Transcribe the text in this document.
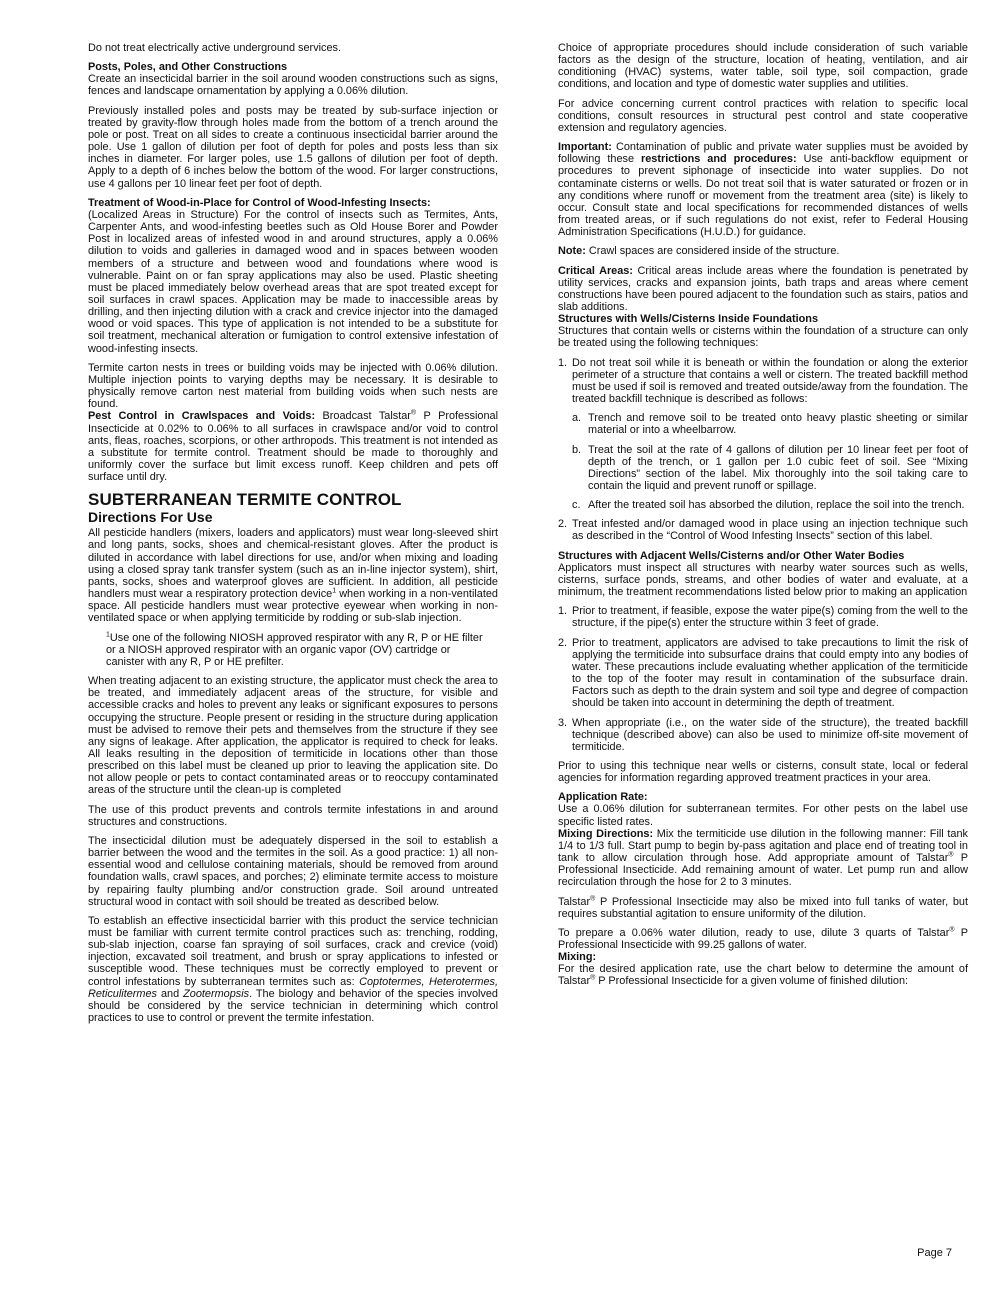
Do not treat electrically active underground services.

Posts, Poles, and Other Constructions

Create an insecticidal barrier in the soil around wooden constructions such as signs, fences and landscape ornamentation by applying a 0.06% dilution.

Previously installed poles and posts may be treated by sub-surface injection or treated by gravity-flow through holes made from the bottom of a trench around the pole or post. Treat on all sides to create a continuous insecticidal barrier around the pole. Use 1 gallon of dilution per foot of depth for poles and posts less than six inches in diameter. For larger poles, use 1.5 gallons of dilution per foot of depth. Apply to a depth of 6 inches below the bottom of the wood. For larger constructions, use 4 gallons per 10 linear feet per foot of depth.

Treatment of Wood-in-Place for Control of Wood-Infesting Insects:

(Localized Areas in Structure) For the control of insects such as Termites, Ants, Carpenter Ants, and wood-infesting beetles such as Old House Borer and Powder Post in localized areas of infested wood in and around structures, apply a 0.06% dilution to voids and galleries in damaged wood and in spaces between wooden members of a structure and between wood and foundations where wood is vulnerable. Paint on or fan spray applications may also be used. Plastic sheeting must be placed immediately below overhead areas that are spot treated except for soil surfaces in crawl spaces. Application may be made to inaccessible areas by drilling, and then injecting dilution with a crack and crevice injector into the damaged wood or void spaces. This type of application is not intended to be a substitute for soil treatment, mechanical alteration or fumigation to control extensive infestation of wood-infesting insects.

Termite carton nests in trees or building voids may be injected with 0.06% dilution. Multiple injection points to varying depths may be necessary. It is desirable to physically remove carton nest material from building voids when such nests are found.

Pest Control in Crawlspaces and Voids: Broadcast Talstar® P Professional Insecticide at 0.02% to 0.06% to all surfaces in crawlspace and/or void to control ants, fleas, roaches, scorpions, or other arthropods. This treatment is not intended as a substitute for termite control. Treatment should be made to thoroughly and uniformly cover the surface but limit excess runoff. Keep children and pets off surface until dry.

SUBTERRANEAN TERMITE CONTROL
Directions For Use

All pesticide handlers (mixers, loaders and applicators) must wear long-sleeved shirt and long pants, socks, shoes and chemical-resistant gloves. After the product is diluted in accordance with label directions for use, and/or when mixing and loading using a closed spray tank transfer system (such as an in-line injector system), shirt, pants, socks, shoes and waterproof gloves are sufficient. In addition, all pesticide handlers must wear a respiratory protection device$^1$ when working in a non-ventilated space. All pesticide handlers must wear protective eyewear when working in non-ventilated space or when applying termiticide by rodding or sub-slab injection.

$^1$Use one of the following NIOSH approved respirator with any R, P or HE filter or a NIOSH approved respirator with an organic vapor (OV) cartridge or canister with any R, P or HE prefilter.

When treating adjacent to an existing structure, the applicator must check the area to be treated, and immediately adjacent areas of the structure, for visible and accessible cracks and holes to prevent any leaks or significant exposures to persons occupying the structure. People present or residing in the structure during application must be advised to remove their pets and themselves from the structure if they see any signs of leakage. After application, the applicator is required to check for leaks. All leaks resulting in the deposition of termiticide in locations other than those prescribed on this label must be cleaned up prior to leaving the application site. Do not allow people or pets to contact contaminated areas or to reoccupy contaminated areas of the structure until the clean-up is completed

The use of this product prevents and controls termite infestations in and around structures and constructions.

The insecticidal dilution must be adequately dispersed in the soil to establish a barrier between the wood and the termites in the soil. As a good practice: 1) all non-essential wood and cellulose containing materials, should be removed from around foundation walls, crawl spaces, and porches; 2) eliminate termite access to moisture by repairing faulty plumbing and/or construction grade. Soil around untreated structural wood in contact with soil should be treated as described below.

To establish an effective insecticidal barrier with this product the service technician must be familiar with current termite control practices such as: trenching, rodding, sub-slab injection, coarse fan spraying of soil surfaces, crack and crevice (void) injection, excavated soil treatment, and brush or spray applications to infested or susceptible wood. These techniques must be correctly employed to prevent or control infestations by subterranean termites such as: Coptotermes, Heterotermes, Reticulitermes and Zootermopsis. The biology and behavior of the species involved should be considered by the service technician in determining which control practices to use to control or prevent the termite infestation.

Choice of appropriate procedures should include consideration of such variable factors as the design of the structure, location of heating, ventilation, and air conditioning (HVAC) systems, water table, soil type, soil compaction, grade conditions, and location and type of domestic water supplies and utilities.

For advice concerning current control practices with relation to specific local conditions, consult resources in structural pest control and state cooperative extension and regulatory agencies.

Important: Contamination of public and private water supplies must be avoided by following these restrictions and procedures: Use anti-backflow equipment or procedures to prevent siphonage of insecticide into water supplies. Do not contaminate cisterns or wells. Do not treat soil that is water saturated or frozen or in any conditions where runoff or movement from the treatment area (site) is likely to occur. Consult state and local specifications for recommended distances of wells from treated areas, or if such regulations do not exist, refer to Federal Housing Administration Specifications (H.U.D.) for guidance.

Note: Crawl spaces are considered inside of the structure.

Critical Areas: Critical areas include areas where the foundation is penetrated by utility services, cracks and expansion joints, bath traps and areas where cement constructions have been poured adjacent to the foundation such as stairs, patios and slab additions.

Structures with Wells/Cisterns Inside Foundations

Structures that contain wells or cisterns within the foundation of a structure can only be treated using the following techniques:

1. Do not treat soil while it is beneath or within the foundation or along the exterior perimeter of a structure that contains a well or cistern. The treated backfill method must be used if soil is removed and treated outside/away from the foundation. The treated backfill technique is described as follows:
a. Trench and remove soil to be treated onto heavy plastic sheeting or similar material or into a wheelbarrow.
b. Treat the soil at the rate of 4 gallons of dilution per 10 linear feet per foot of depth of the trench, or 1 gallon per 1.0 cubic feet of soil. See “Mixing Directions” section of the label. Mix thoroughly into the soil taking care to contain the liquid and prevent runoff or spillage.
c. After the treated soil has absorbed the dilution, replace the soil into the trench.
2. Treat infested and/or damaged wood in place using an injection technique such as described in the “Control of Wood Infesting Insects” section of this label.

Structures with Adjacent Wells/Cisterns and/or Other Water Bodies

Applicators must inspect all structures with nearby water sources such as wells, cisterns, surface ponds, streams, and other bodies of water and evaluate, at a minimum, the treatment recommendations listed below prior to making an application

1. Prior to treatment, if feasible, expose the water pipe(s) coming from the well to the structure, if the pipe(s) enter the structure within 3 feet of grade.
2. Prior to treatment, applicators are advised to take precautions to limit the risk of applying the termiticide into subsurface drains that could empty into any bodies of water. These precautions include evaluating whether application of the termiticide to the top of the footer may result in contamination of the subsurface drain. Factors such as depth to the drain system and soil type and degree of compaction should be taken into account in determining the depth of treatment.
3. When appropriate (i.e., on the water side of the structure), the treated backfill technique (described above) can also be used to minimize off-site movement of termiticide.

Prior to using this technique near wells or cisterns, consult state, local or federal agencies for information regarding approved treatment practices in your area.

Application Rate:

Use a 0.06% dilution for subterranean termites. For other pests on the label use specific listed rates.

Mixing Directions: Mix the termiticide use dilution in the following manner: Fill tank 1/4 to 1/3 full. Start pump to begin by-pass agitation and place end of treating tool in tank to allow circulation through hose. Add appropriate amount of Talstar® P Professional Insecticide. Add remaining amount of water. Let pump run and allow recirculation through the hose for 2 to 3 minutes.

Talstar® P Professional Insecticide may also be mixed into full tanks of water, but requires substantial agitation to ensure uniformity of the dilution.

To prepare a 0.06% water dilution, ready to use, dilute 3 quarts of Talstar® P Professional Insecticide with 99.25 gallons of water.

Mixing:

For the desired application rate, use the chart below to determine the amount of Talstar® P Professional Insecticide for a given volume of finished dilution:

Page 7
